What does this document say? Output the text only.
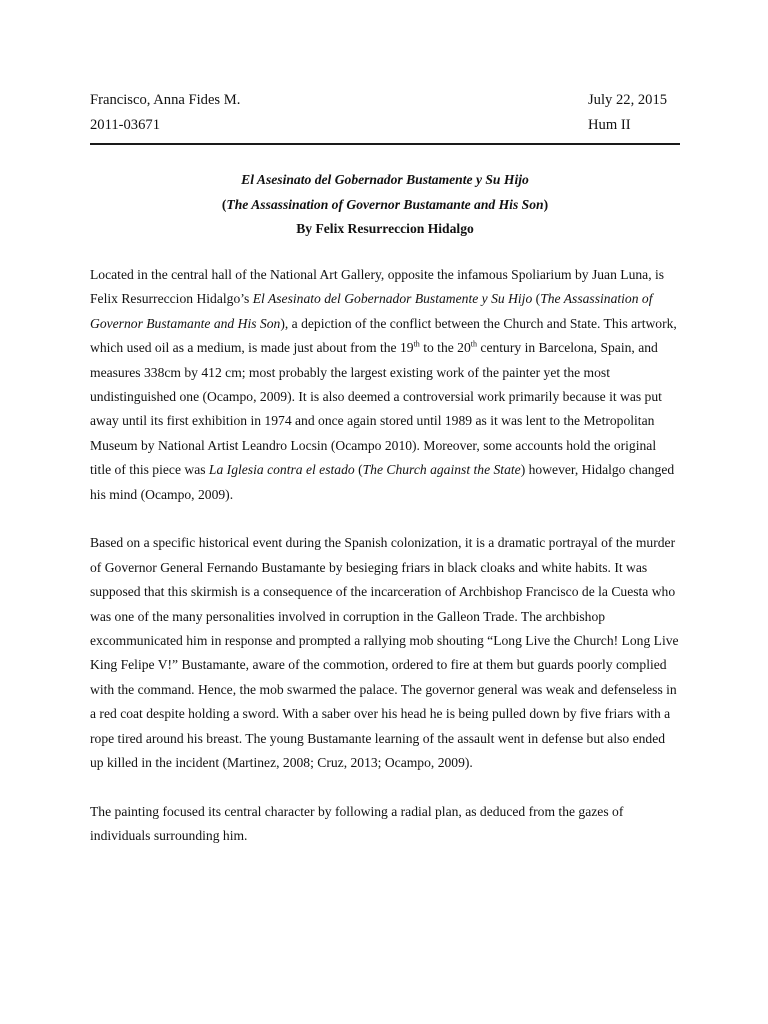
Francisco, Anna Fides M.	July 22, 2015
2011-03671	Hum II
El Asesinato del Gobernador Bustamente y Su Hijo
(The Assassination of Governor Bustamante and His Son)
By Felix Resurreccion Hidalgo

Located in the central hall of the National Art Gallery, opposite the infamous Spoliarium by Juan Luna, is Felix Resurreccion Hidalgo’s El Asesinato del Gobernador Bustamente y Su Hijo (The Assassination of Governor Bustamante and His Son), a depiction of the conflict between the Church and State. This artwork, which used oil as a medium, is made just about from the 19th to the 20th century in Barcelona, Spain, and measures 338cm by 412 cm; most probably the largest existing work of the painter yet the most undistinguished one (Ocampo, 2009). It is also deemed a controversial work primarily because it was put away until its first exhibition in 1974 and once again stored until 1989 as it was lent to the Metropolitan Museum by National Artist Leandro Locsin (Ocampo 2010). Moreover, some accounts hold the original title of this piece was La Iglesia contra el estado (The Church against the State) however, Hidalgo changed his mind (Ocampo, 2009).

Based on a specific historical event during the Spanish colonization, it is a dramatic portrayal of the murder of Governor General Fernando Bustamante by besieging friars in black cloaks and white habits. It was supposed that this skirmish is a consequence of the incarceration of Archbishop Francisco de la Cuesta who was one of the many personalities involved in corruption in the Galleon Trade. The archbishop excommunicated him in response and prompted a rallying mob shouting “Long Live the Church! Long Live King Felipe V!” Bustamante, aware of the commotion, ordered to fire at them but guards poorly complied with the command. Hence, the mob swarmed the palace. The governor general was weak and defenseless in a red coat despite holding a sword. With a saber over his head he is being pulled down by five friars with a rope tired around his breast. The young Bustamante learning of the assault went in defense but also ended up killed in the incident (Martinez, 2008; Cruz, 2013; Ocampo, 2009).

The painting focused its central character by following a radial plan, as deduced from the gazes of individuals surrounding him.
